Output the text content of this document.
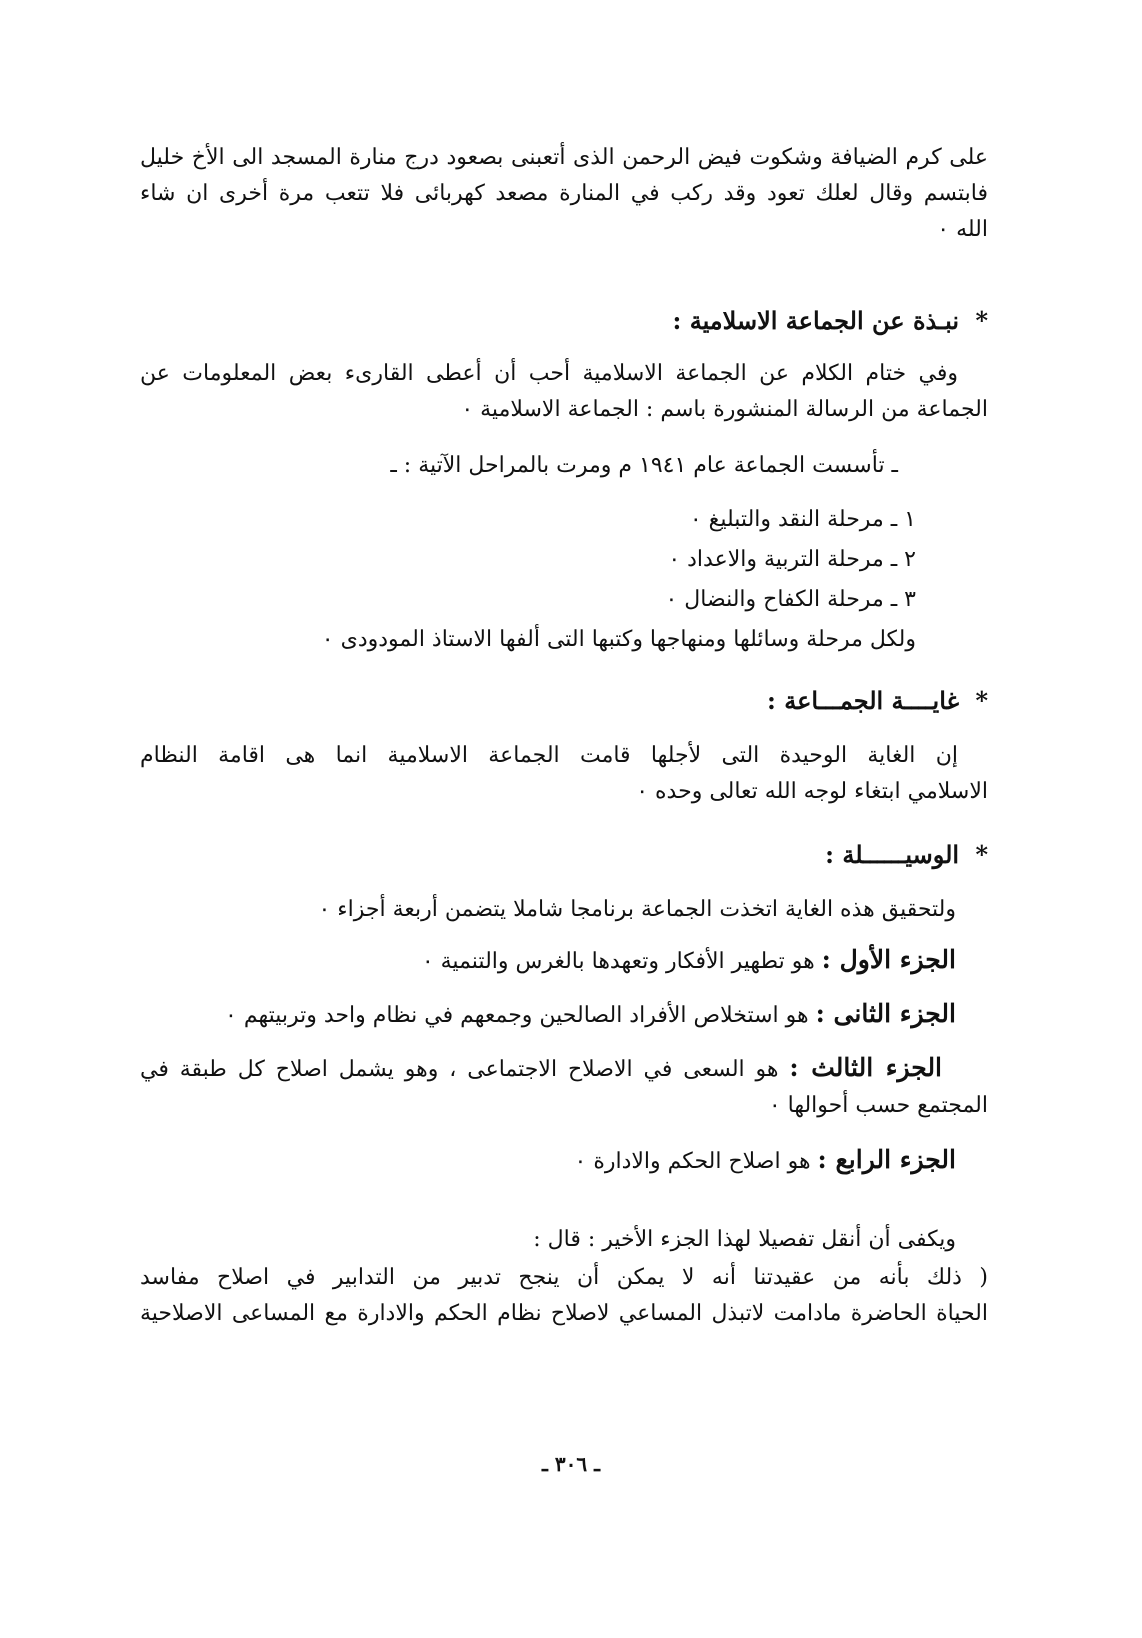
على كرم الضيافة وشكوت فيض الرحمن الذى أتعبنى بصعود درج منارة المسجد الى الأخ خليل
فابتسم وقال لعلك تعود وقد ركب في المنارة مصعد كهربائى فلا تتعب مرة أخرى ان شاء
الله ٠
* نبـذة عن الجماعة الاسلامية :
وفي ختام الكلام عن الجماعة الاسلامية أحب أن أعطى القارىء بعض المعلومات عن
الجماعة من الرسالة المنشورة باسم : الجماعة الاسلامية ٠
ـ تأسست الجماعة عام ١٩٤١ م ومرت بالمراحل الآتية : ـ
١ ـ مرحلة النقد والتبليغ ٠
٢ ـ مرحلة التربية والاعداد ٠
٣ ـ مرحلة الكفاح والنضال ٠
ولكل مرحلة وسائلها ومنهاجها وكتبها التى ألفها الاستاذ المودودى ٠
* غايــــة الجمـــاعة :
إن الغاية الوحيدة التى لأجلها قامت الجماعة الاسلامية انما هى اقامة النظام
الاسلامي ابتغاء لوجه الله تعالى وحده ٠
* الوسيــــــلة :
ولتحقيق هذه الغاية اتخذت الجماعة برنامجا شاملا يتضمن أربعة أجزاء ٠
الجزء الأول : هو تطهير الأفكار وتعهدها بالغرس والتنمية ٠
الجزء الثانى : هو استخلاص الأفراد الصالحين وجمعهم في نظام واحد وتربيتهم ٠
الجزء الثالث : هو السعى في الاصلاح الاجتماعى ، وهو يشمل اصلاح كل طبقة في
المجتمع حسب أحوالها ٠
الجزء الرابع : هو اصلاح الحكم والادارة ٠
ويكفى أن أنقل تفصيلا لهذا الجزء الأخير : قال :
( ذلك بأنه من عقيدتنا أنه لا يمكن أن ينجح تدبير من التدابير في اصلاح مفاسد
الحياة الحاضرة مادامت لاتبذل المساعي لاصلاح نظام الحكم والادارة مع المساعى الاصلاحية
ـ ٣٠٦ ـ
